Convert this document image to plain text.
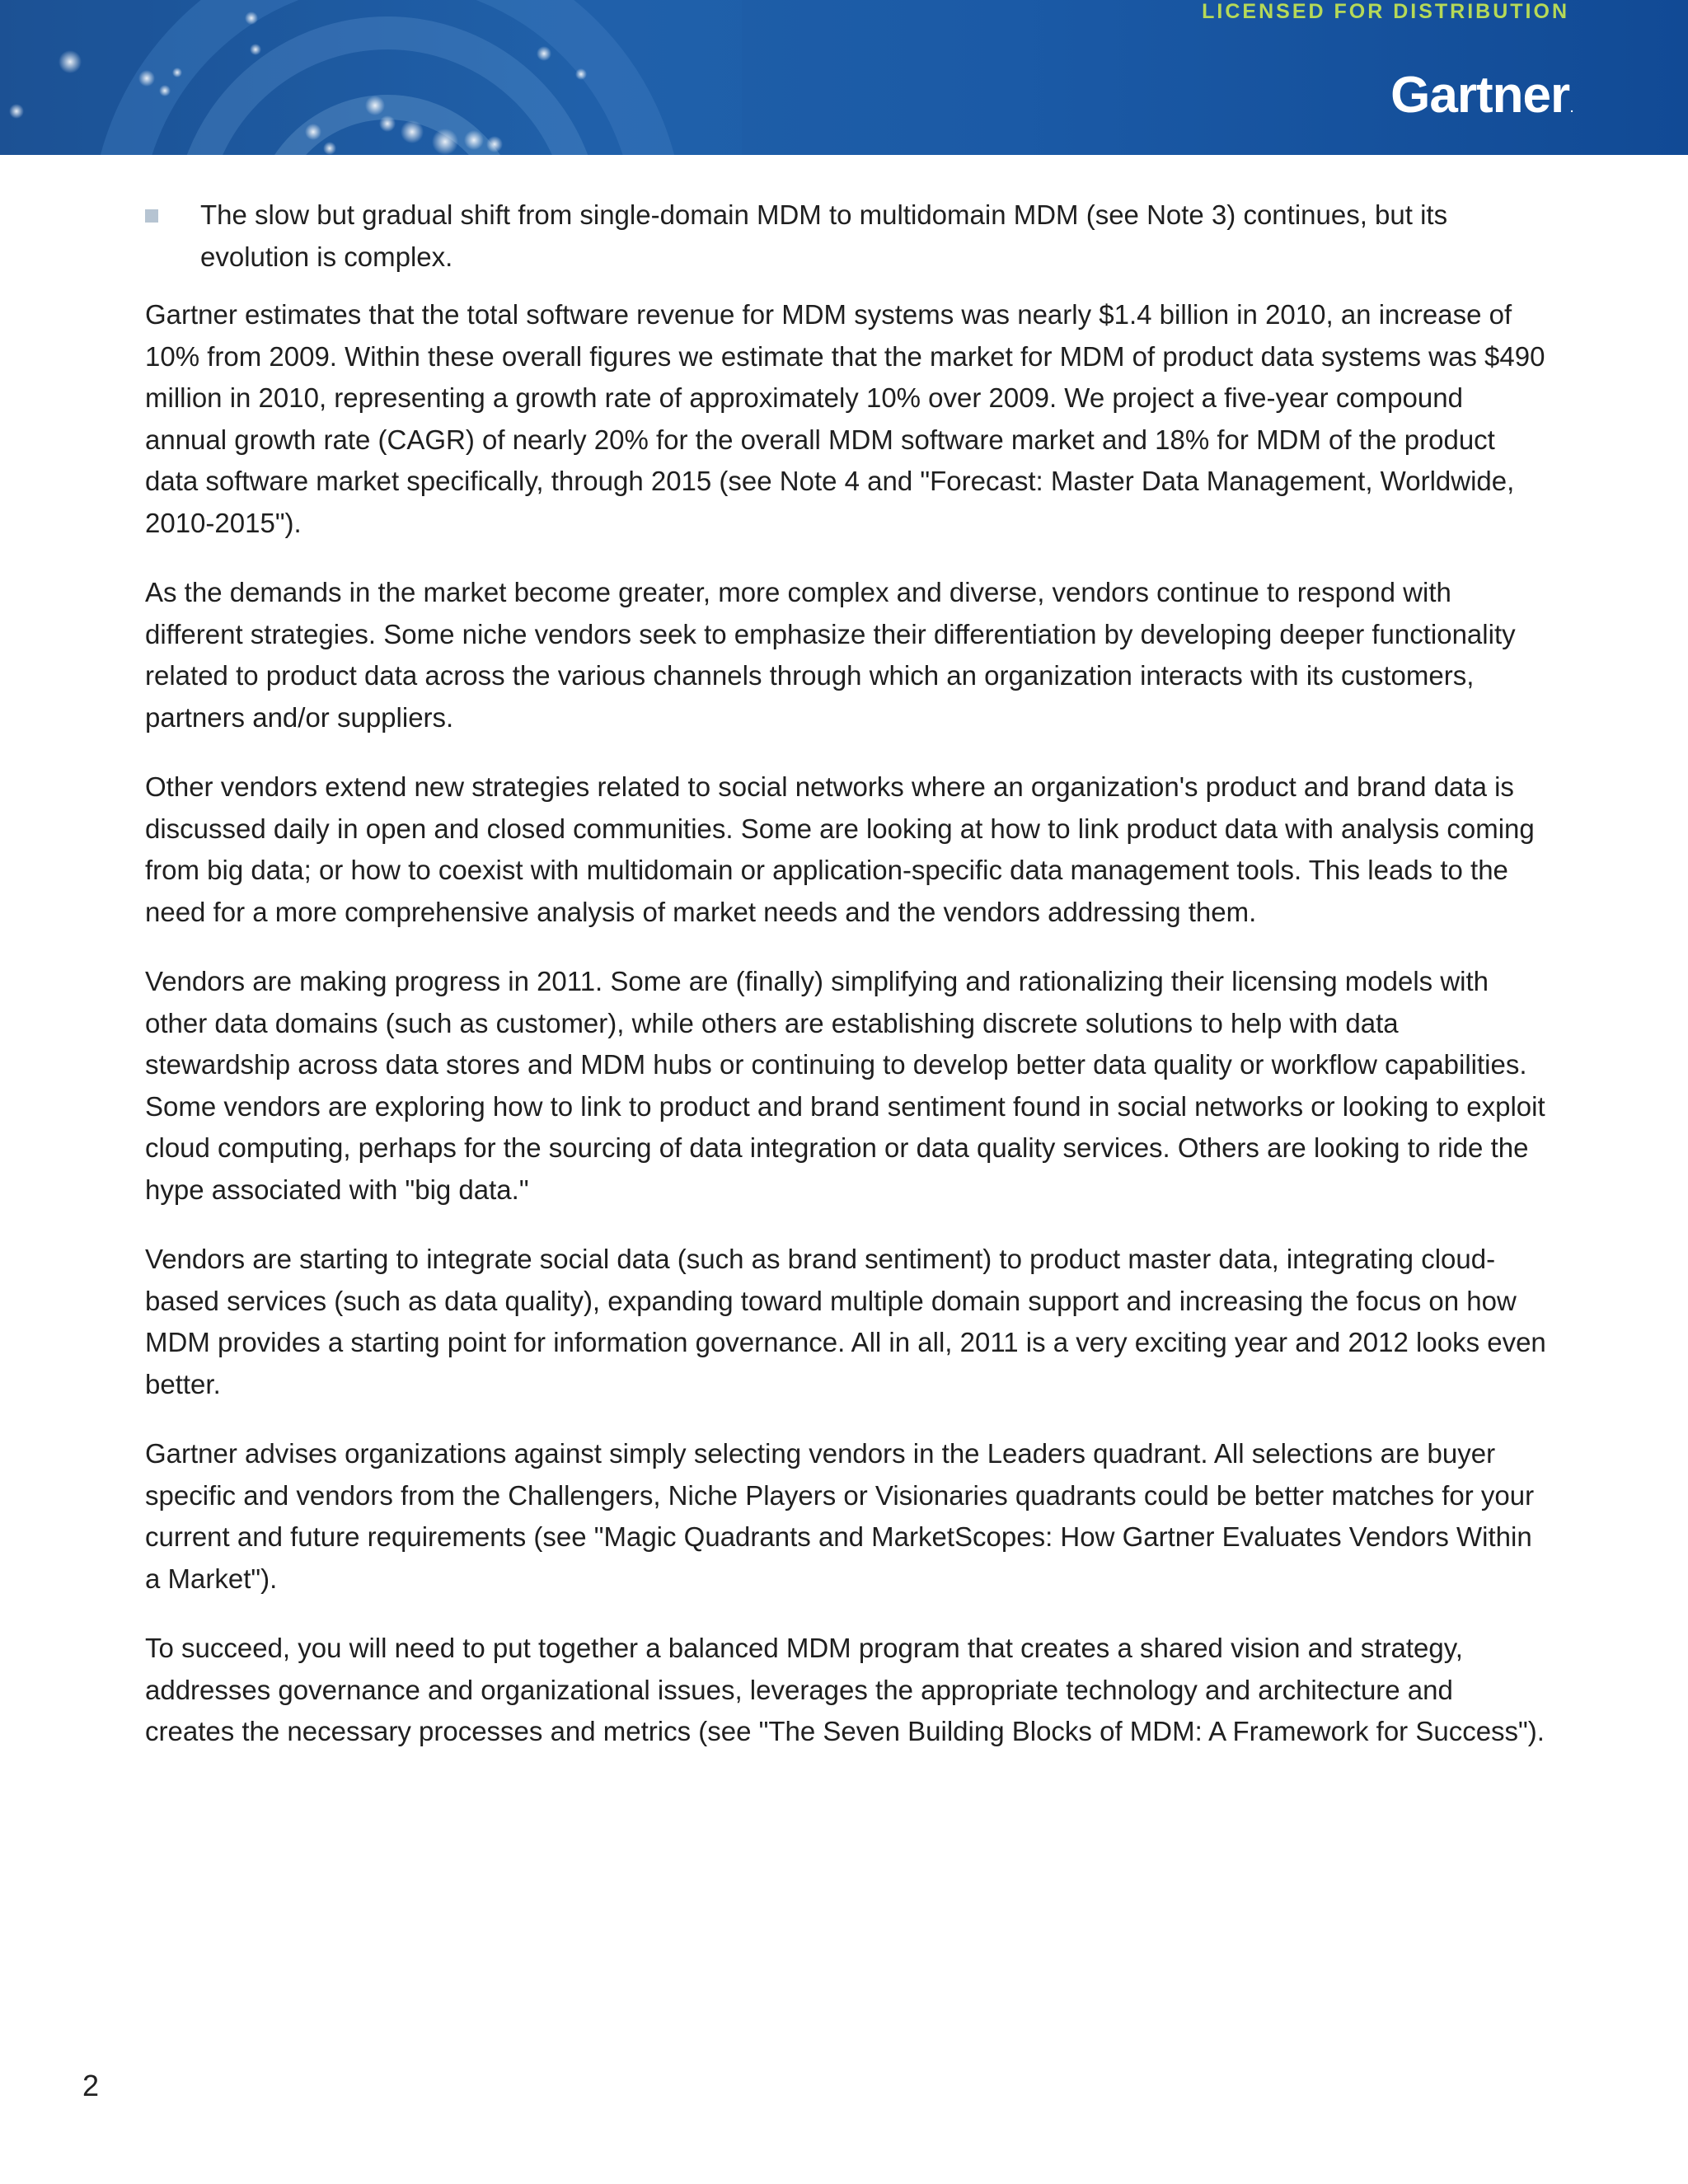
LICENSED FOR DISTRIBUTION
Gartner.
The slow but gradual shift from single-domain MDM to multidomain MDM (see Note 3) continues, but its evolution is complex.

Gartner estimates that the total software revenue for MDM systems was nearly $1.4 billion in 2010, an increase of 10% from 2009. Within these overall figures we estimate that the market for MDM of product data systems was $490 million in 2010, representing a growth rate of approximately 10% over 2009. We project a five-year compound annual growth rate (CAGR) of nearly 20% for the overall MDM software market and 18% for MDM of the product data software market specifically, through 2015 (see Note 4 and "Forecast: Master Data Management, Worldwide, 2010-2015").

As the demands in the market become greater, more complex and diverse, vendors continue to respond with different strategies. Some niche vendors seek to emphasize their differentiation by developing deeper functionality related to product data across the various channels through which an organization interacts with its customers, partners and/or suppliers.

Other vendors extend new strategies related to social networks where an organization's product and brand data is discussed daily in open and closed communities. Some are looking at how to link product data with analysis coming from big data; or how to coexist with multidomain or application-specific data management tools. This leads to the need for a more comprehensive analysis of market needs and the vendors addressing them.

Vendors are making progress in 2011. Some are (finally) simplifying and rationalizing their licensing models with other data domains (such as customer), while others are establishing discrete solutions to help with data stewardship across data stores and MDM hubs or continuing to develop better data quality or workflow capabilities. Some vendors are exploring how to link to product and brand sentiment found in social networks or looking to exploit cloud computing, perhaps for the sourcing of data integration or data quality services. Others are looking to ride the hype associated with "big data."

Vendors are starting to integrate social data (such as brand sentiment) to product master data, integrating cloud-based services (such as data quality), expanding toward multiple domain support and increasing the focus on how MDM provides a starting point for information governance. All in all, 2011 is a very exciting year and 2012 looks even better.

Gartner advises organizations against simply selecting vendors in the Leaders quadrant. All selections are buyer specific and vendors from the Challengers, Niche Players or Visionaries quadrants could be better matches for your current and future requirements (see "Magic Quadrants and MarketScopes: How Gartner Evaluates Vendors Within a Market").

To succeed, you will need to put together a balanced MDM program that creates a shared vision and strategy, addresses governance and organizational issues, leverages the appropriate technology and architecture and creates the necessary processes and metrics (see "The Seven Building Blocks of MDM: A Framework for Success").

2
